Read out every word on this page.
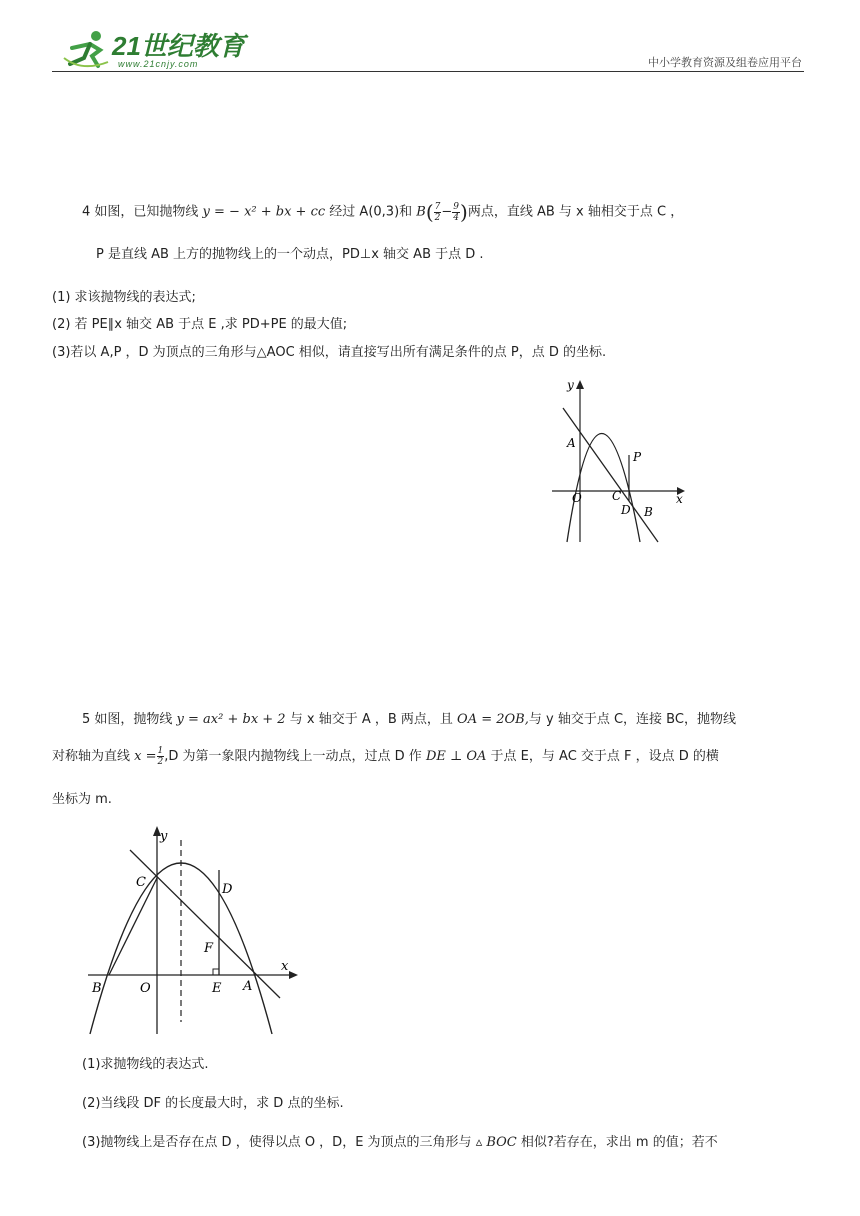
21世纪教育
www.21cnjy.com	中小学教育资源及组卷应用平台
4 如图，已知抛物线 y = − x² + bx + cc 经过 A(0,3)和 $B( \frac{7}{2} - \frac{9}{4}$ )两点，直线 AB 与 x 轴相交于点 C ，
P 是直线 AB 上方的抛物线上的一个动点，PD⊥x 轴交 AB 于点 D .
(1) 求该抛物线的表达式;
(2) 若 PE∥x 轴交 AB 于点 E ,求 PD+PE 的最大值;
(3)若以 A,P ，D 为顶点的三角形与△AOC 相似，请直接写出所有满足条件的点 P，点 D 的坐标.
y
x
A
O	C
P
D B
5 如图，抛物线 y = ax² + bx + 2 与 x 轴交于 A ，B 两点，且 OA = 2OB,与 y 轴交于点 C，连接 BC，抛物线
对称轴为直线 $x = \frac{1}{2} ,D$ 为第一象限内抛物线上一动点，过点 D 作 DE ⊥ OA 于点 E，与 AC 交于点 F ，设点 D 的横
坐标为 m.
y
x
C	D
F
B	O	E A
(1)求抛物线的表达式.
(2)当线段 DF 的长度最大时，求 D 点的坐标.
(3)抛物线上是否存在点 D ，使得以点 O ，D，E 为顶点的三角形与 ▵ BOC 相似?若存在，求出 m 的值；若不
